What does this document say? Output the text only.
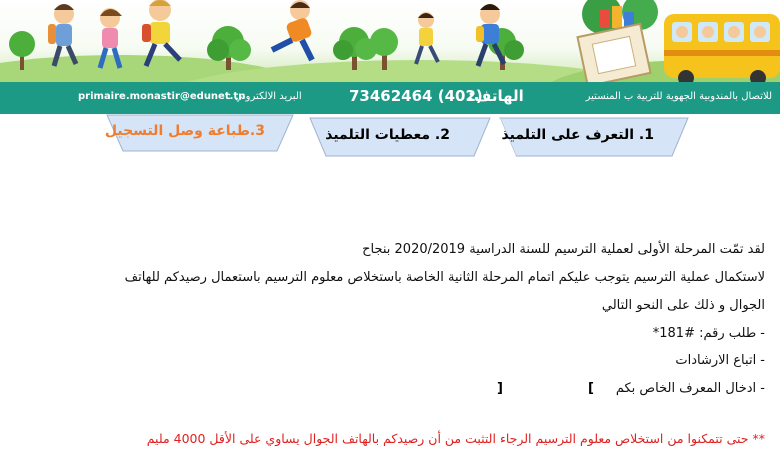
للاتصال بالمندوبية الجهوية للتربية ب المنستير
الهاتف:
73462464 (402)
البريد الالكتروني :
primaire.monastir@edunet.tn
1. التعرف على التلميذ
2. معطيات التلميذ
3.طباعة وصل التسجيل
لقد تمّت المرحلة الأولى لعملية الترسيم للسنة الدراسية 2020/2019 بنجاح
لاستكمال عملية الترسيم يتوجب عليكم اتمام المرحلة الثانية الخاصة باستخلاص معلوم الترسيم باستعمال رصيدكم للهاتف
الجوال و ذلك على النحو التالي
- طلب رقم: #181*
- اتباع الارشادات
- ادخال المعرف الخاص بكم
[
]
** حتى تتمكنوا من استخلاص معلوم الترسيم الرجاء التثبت من أن رصيدكم بالهاتف الجوال يساوي على الأقل 4000 مليم
